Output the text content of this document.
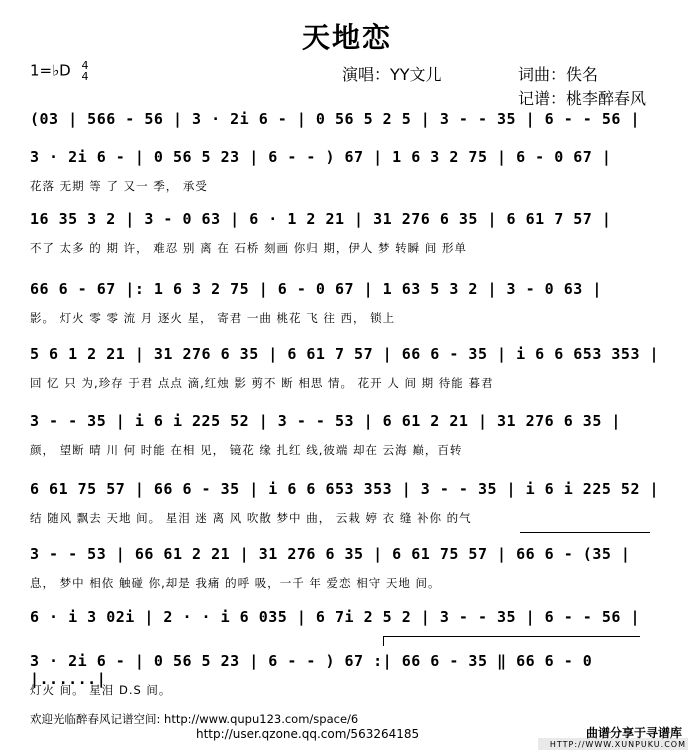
天地恋
1=♭D 4
4	演唱：YY文儿	词曲：佚名
记谱：桃李醉春风
(03 | 566 - 56 | 3 · 2i 6 - | 0 56 5 2 5 | 3 - - 35 | 6 - - 56 |
3 · 2i 6 - | 0 56 5 23 | 6 - - ) 67 | 1 6 3 2 75 | 6 - 0 67 |
花落 无期 等 了 又一 季， 承受
16 35 3 2 | 3 - 0 63 | 6 · 1 2 21 | 31 276 6 35 | 6 61 7 57 |
不了 太多 的 期 许， 难忍 别 离 在 石桥 刻画 你归 期，伊人 梦 转瞬 间 形单
66 6 - 67 |: 1 6 3 2 75 | 6 - 0 67 | 1 63 5 3 2 | 3 - 0 63 |
影。 灯火 零 零 流 月 逐火 星， 寄君 一曲 桃花 飞 往 西， 锁上
5 6 1 2 21 | 31 276 6 35 | 6 61 7 57 | 66 6 - 35 | i 6 6 653 353 |
回 忆 只 为,珍存 于君 点点 滴,红烛 影 剪不 断 相思 情。 花开 人 间 期 待能 暮君
3 - - 35 | i 6 i 225 52 | 3 - - 53 | 6 61 2 21 | 31 276 6 35 |
颜， 望断 晴 川 何 时能 在相 见， 镜花 缘 扎红 线,彼端 却在 云海 巅，百转
6 61 75 57 | 66 6 - 35 | i 6 6 653 353 | 3 - - 35 | i 6 i 225 52 |
结 随风 飘去 天地 间。 星泪 迷 离 风 吹散 梦中 曲， 云栽 婷 衣 缝 补你 的气
3 - - 53 | 66 61 2 21 | 31 276 6 35 | 6 61 75 57 | 66 6 - (35 |
息， 梦中 相依 触碰 你,却是 我痛 的呼 吸，一千 年 爱恋 相守 天地 间。
6 · i 3 02i | 2 · · i 6 035 | 6 7i 2 5 2 | 3 - - 35 | 6 - - 56 |
3 · 2i 6 - | 0 56 5 23 | 6 - - ) 67 :| 66 6 - 35 ‖ 66 6 - 0 |......|
灯火 间。 星泪 D.S 间。
欢迎光临醉春风记谱空间: http://www.qupu123.com/space/6
http://user.qzone.qq.com/563264185	曲谱分享于寻谱库
HTTP://WWW.XUNPUKU.COM
